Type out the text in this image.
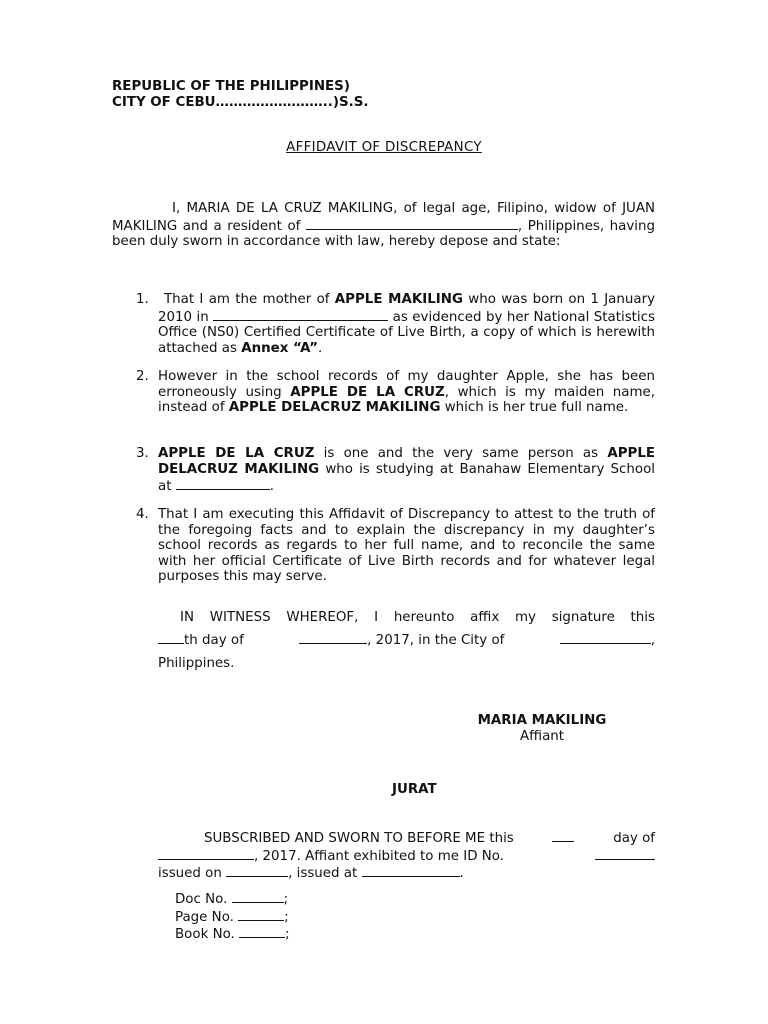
REPUBLIC OF THE PHILIPPINES)
CITY OF CEBU……………………..)S.S.
AFFIDAVIT OF DISCREPANCY
I, MARIA DE LA CRUZ MAKILING, of legal age, Filipino, widow of JUAN MAKILING and a resident of	, Philippines, having been duly sworn in accordance with law, hereby depose and state:
1. That I am the mother of APPLE MAKILING who was born on 1 January 2010 in	as evidenced by her National Statistics Office (NS0) Certified Certificate of Live Birth, a copy of which is herewith attached as Annex “A”.
2. However in the school records of my daughter Apple, she has been erroneously using APPLE DE LA CRUZ, which is my maiden name, instead of APPLE DELACRUZ MAKILING which is her true full name.
3. APPLE DE LA CRUZ is one and the very same person as APPLE DELACRUZ MAKILING who is studying at Banahaw Elementary School at	.
4. That I am executing this Affidavit of Discrepancy to attest to the truth of the foregoing facts and to explain the discrepancy in my daughter’s school records as regards to her full name, and to reconcile the same with her official Certificate of Live Birth records and for whatever legal purposes this may serve.
IN WITNESS WHEREOF, I hereunto affix my signature this
th day of	, 2017, in the City of	,
Philippines.
MARIA MAKILING
Affiant
JURAT
SUBSCRIBED AND SWORN TO BEFORE ME this	day of
, 2017. Affiant exhibited to me ID No.
issued on	, issued at	.
Doc No.	;
Page No.	;
Book No.	;
